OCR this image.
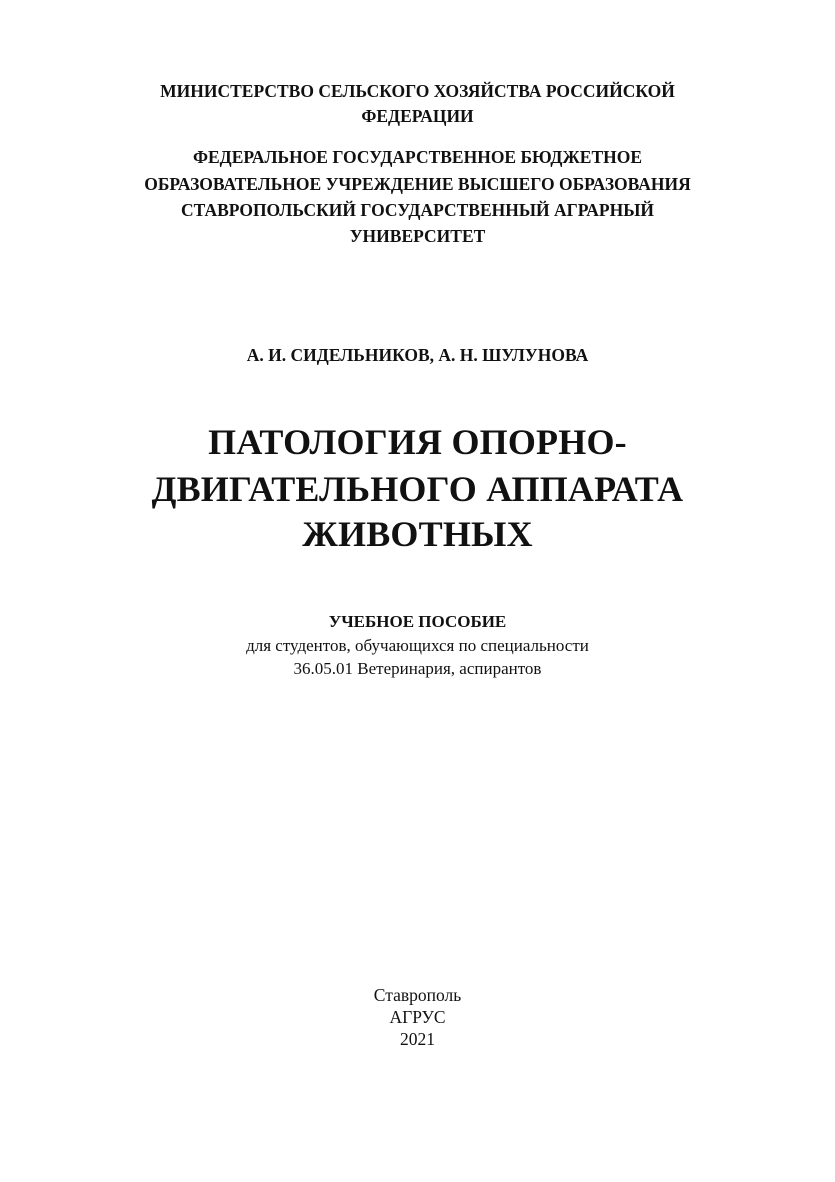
МИНИСТЕРСТВО СЕЛЬСКОГО ХОЗЯЙСТВА РОССИЙСКОЙ
ФЕДЕРАЦИИ
ФЕДЕРАЛЬНОЕ ГОСУДАРСТВЕННОЕ БЮДЖЕТНОЕ
ОБРАЗОВАТЕЛЬНОЕ УЧРЕЖДЕНИЕ ВЫСШЕГО ОБРАЗОВАНИЯ
СТАВРОПОЛЬСКИЙ ГОСУДАРСТВЕННЫЙ АГРАРНЫЙ
УНИВЕРСИТЕТ
А. И. СИДЕЛЬНИКОВ, А. Н. ШУЛУНОВА
ПАТОЛОГИЯ ОПОРНО-
ДВИГАТЕЛЬНОГО АППАРАТА
ЖИВОТНЫХ
УЧЕБНОЕ ПОСОБИЕ
для студентов, обучающихся по специальности
36.05.01 Ветеринария, аспирантов
Ставрополь
АГРУС
2021
